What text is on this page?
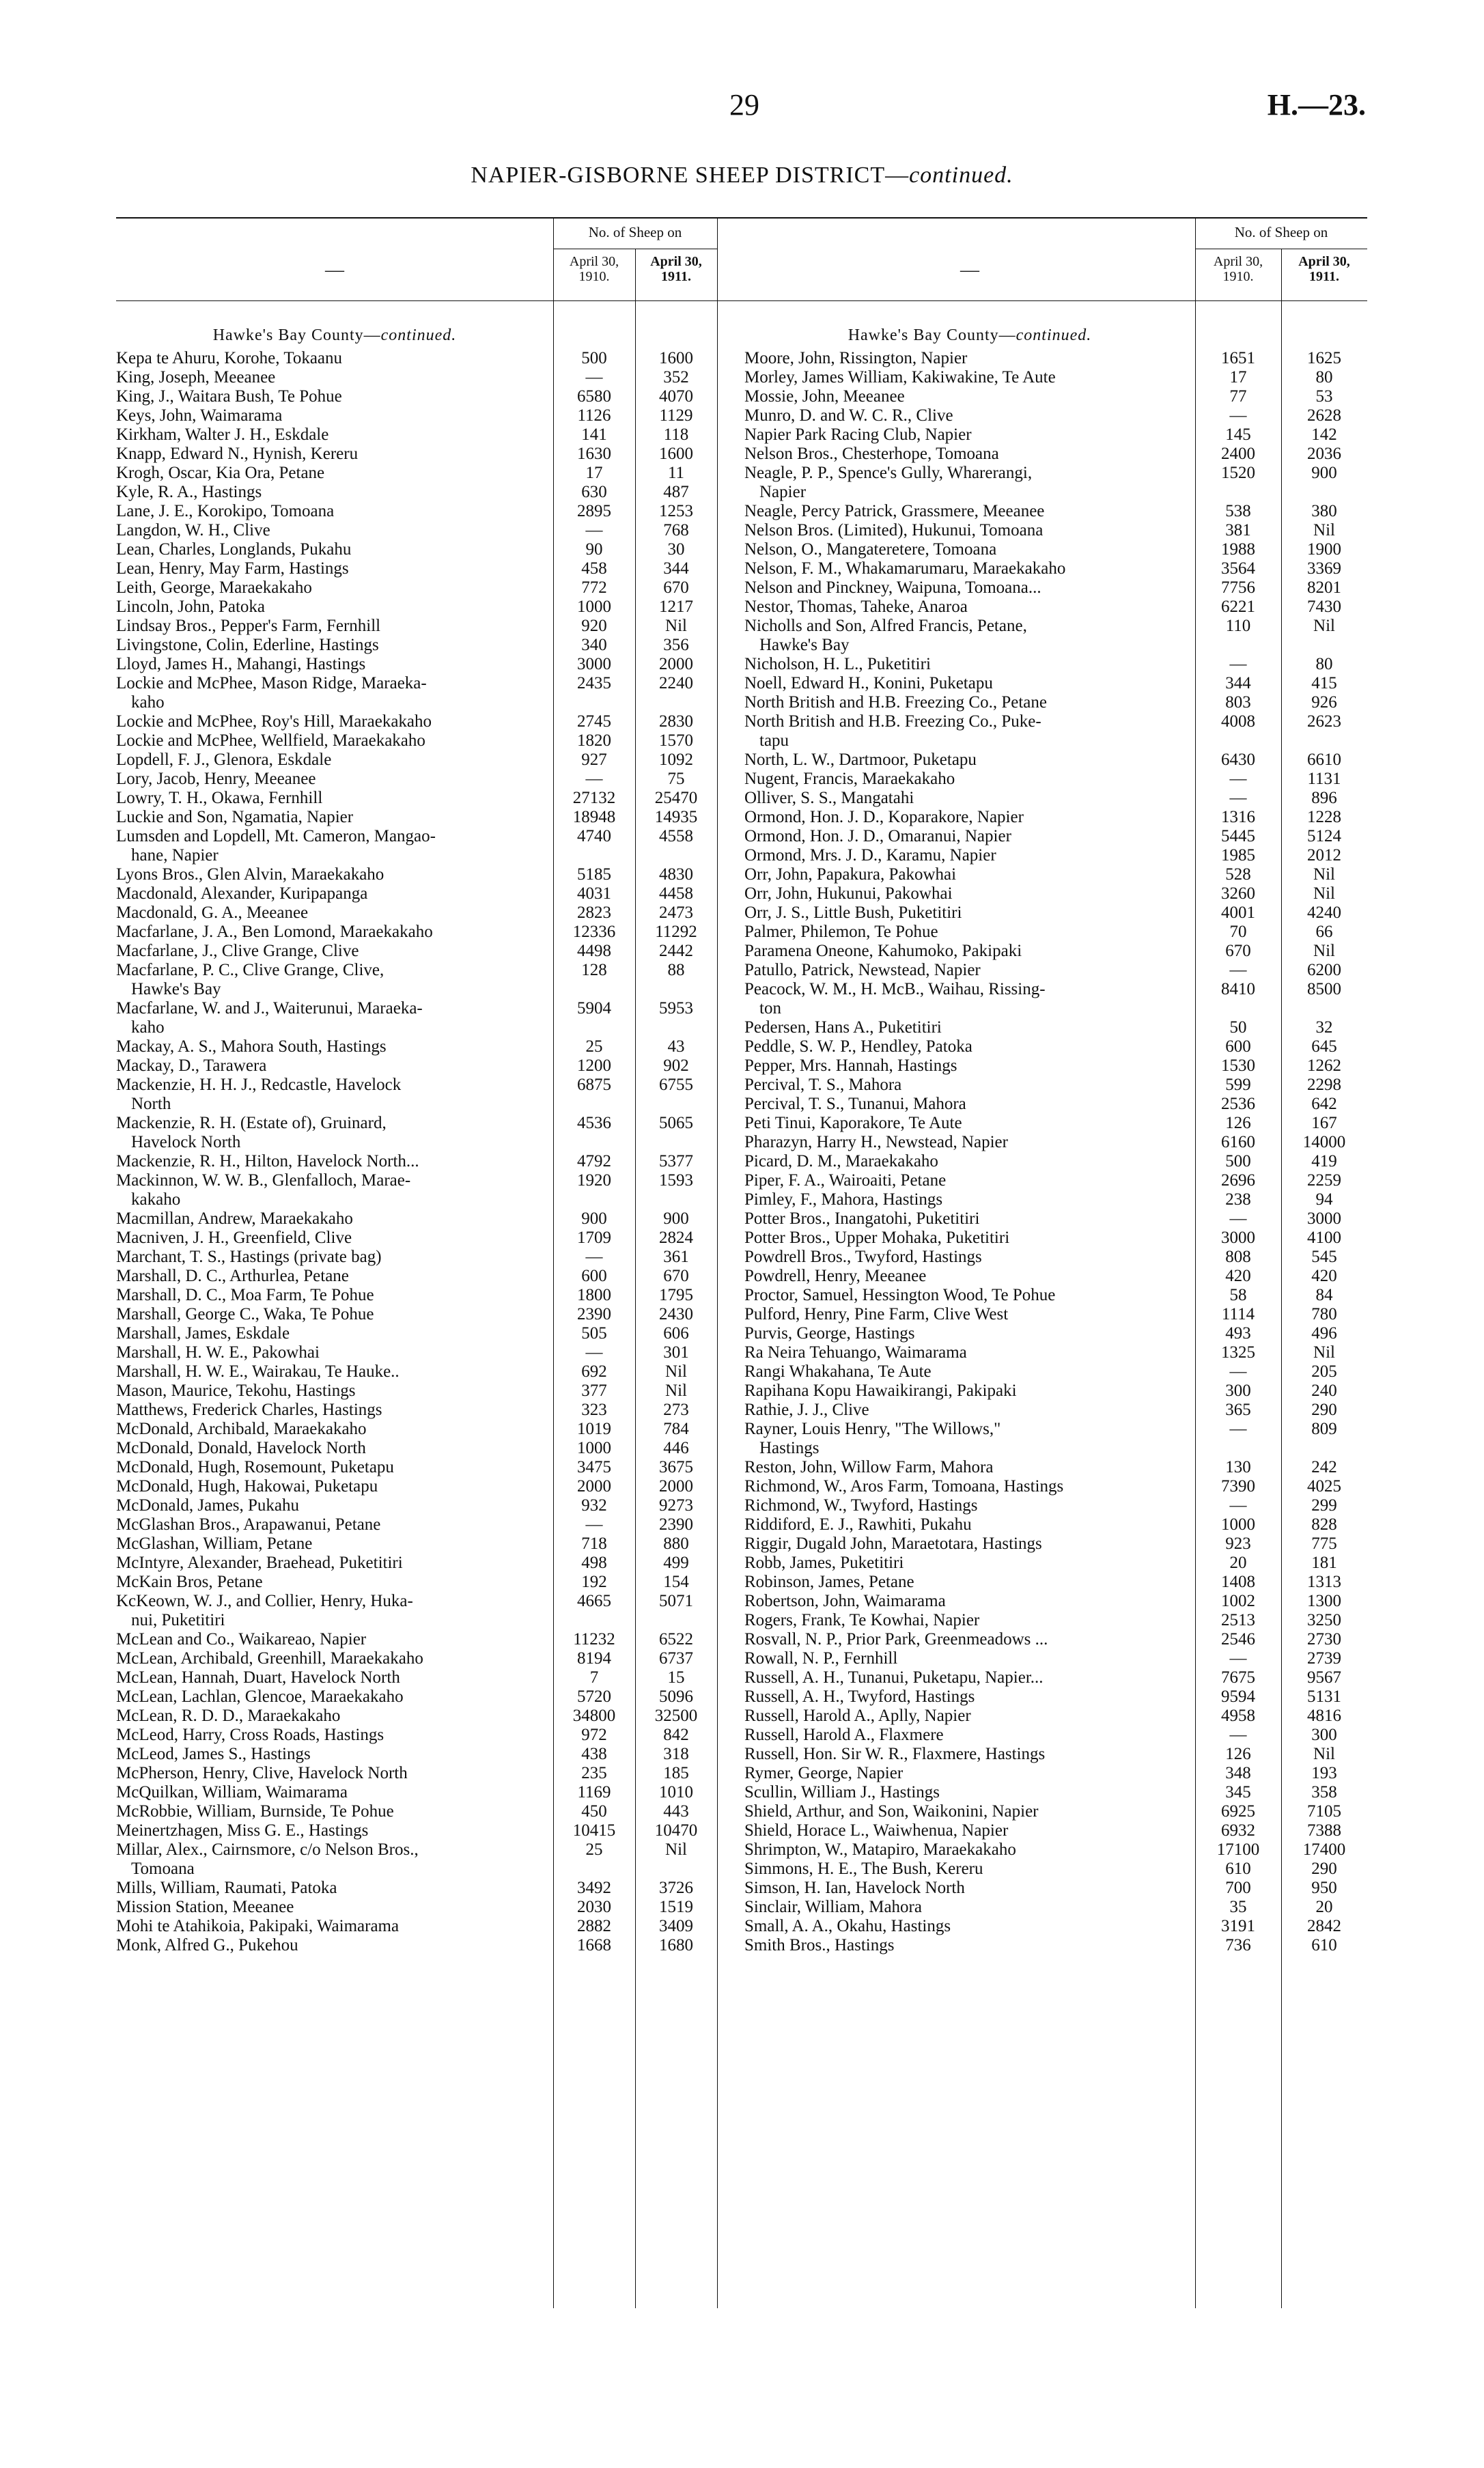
29	H.—23.
NAPIER-GISBORNE SHEEP DISTRICT—continued.
—
No. of Sheep on
April 30,
1910.
April 30,
1911.
Hawke's Bay County—continued.
Kepa te Ahuru, Korohe, Tokaanu	500	1600
King, Joseph, Meeanee	—	352
King, J., Waitara Bush, Te Pohue	6580	4070
Keys, John, Waimarama	1126	1129
Kirkham, Walter J. H., Eskdale	141	118
Knapp, Edward N., Hynish, Kereru	1630	1600
Krogh, Oscar, Kia Ora, Petane	17	11
Kyle, R. A., Hastings	630	487
Lane, J. E., Korokipo, Tomoana	2895	1253
Langdon, W. H., Clive	—	768
Lean, Charles, Longlands, Pukahu	90	30
Lean, Henry, May Farm, Hastings	458	344
Leith, George, Maraekakaho	772	670
Lincoln, John, Patoka	1000	1217
Lindsay Bros., Pepper's Farm, Fernhill	920	Nil
Livingstone, Colin, Ederline, Hastings	340	356
Lloyd, James H., Mahangi, Hastings	3000	2000
Lockie and McPhee, Mason Ridge, Maraeka-
kaho
2435	2240
Lockie and McPhee, Roy's Hill, Maraekakaho	2745	2830
Lockie and McPhee, Wellfield, Maraekakaho	1820	1570
Lopdell, F. J., Glenora, Eskdale	927	1092
Lory, Jacob, Henry, Meeanee	—	75
Lowry, T. H., Okawa, Fernhill	27132	25470
Luckie and Son, Ngamatia, Napier	18948	14935
Lumsden and Lopdell, Mt. Cameron, Mangao-
hane, Napier
4740	4558
Lyons Bros., Glen Alvin, Maraekakaho	5185	4830
Macdonald, Alexander, Kuripapanga	4031	4458
Macdonald, G. A., Meeanee	2823	2473
Macfarlane, J. A., Ben Lomond, Maraekakaho	12336	11292
Macfarlane, J., Clive Grange, Clive	4498	2442
Macfarlane, P. C., Clive Grange, Clive,
Hawke's Bay
128	88
Macfarlane, W. and J., Waiterunui, Maraeka-
kaho
5904	5953
Mackay, A. S., Mahora South, Hastings	25	43
Mackay, D., Tarawera	1200	902
Mackenzie, H. H. J., Redcastle, Havelock
North
6875	6755
Mackenzie, R. H. (Estate of), Gruinard,
Havelock North
4536	5065
Mackenzie, R. H., Hilton, Havelock North...	4792	5377
Mackinnon, W. W. B., Glenfalloch, Marae-
kakaho
1920	1593
Macmillan, Andrew, Maraekakaho	900	900
Macniven, J. H., Greenfield, Clive	1709	2824
Marchant, T. S., Hastings (private bag)	—	361
Marshall, D. C., Arthurlea, Petane	600	670
Marshall, D. C., Moa Farm, Te Pohue	1800	1795
Marshall, George C., Waka, Te Pohue	2390	2430
Marshall, James, Eskdale	505	606
Marshall, H. W. E., Pakowhai	—	301
Marshall, H. W. E., Wairakau, Te Hauke..	692	Nil
Mason, Maurice, Tekohu, Hastings	377	Nil
Matthews, Frederick Charles, Hastings	323	273
McDonald, Archibald, Maraekakaho	1019	784
McDonald, Donald, Havelock North	1000	446
McDonald, Hugh, Rosemount, Puketapu	3475	3675
McDonald, Hugh, Hakowai, Puketapu	2000	2000
McDonald, James, Pukahu	932	9273
McGlashan Bros., Arapawanui, Petane	—	2390
McGlashan, William, Petane	718	880
McIntyre, Alexander, Braehead, Puketitiri	498	499
McKain Bros, Petane	192	154
KcKeown, W. J., and Collier, Henry, Huka-
nui, Puketitiri
4665	5071
McLean and Co., Waikareao, Napier	11232	6522
McLean, Archibald, Greenhill, Maraekakaho	8194	6737
McLean, Hannah, Duart, Havelock North	7	15
McLean, Lachlan, Glencoe, Maraekakaho	5720	5096
McLean, R. D. D., Maraekakaho	34800	32500
McLeod, Harry, Cross Roads, Hastings	972	842
McLeod, James S., Hastings	438	318
McPherson, Henry, Clive, Havelock North	235	185
McQuilkan, William, Waimarama	1169	1010
McRobbie, William, Burnside, Te Pohue	450	443
Meinertzhagen, Miss G. E., Hastings	10415	10470
Millar, Alex., Cairnsmore, c/o Nelson Bros.,
Tomoana
25	Nil
Mills, William, Raumati, Patoka	3492	3726
Mission Station, Meeanee	2030	1519
Mohi te Atahikoia, Pakipaki, Waimarama	2882	3409
Monk, Alfred G., Pukehou	1668	1680
—
No. of Sheep on
April 30,
1910.
April 30,
1911.
Hawke's Bay County—continued.
Moore, John, Rissington, Napier	1651	1625
Morley, James William, Kakiwakine, Te Aute	17	80
Mossie, John, Meeanee	77	53
Munro, D. and W. C. R., Clive	—	2628
Napier Park Racing Club, Napier	145	142
Nelson Bros., Chesterhope, Tomoana	2400	2036
Neagle, P. P., Spence's Gully, Wharerangi,
Napier
1520	900
Neagle, Percy Patrick, Grassmere, Meeanee	538	380
Nelson Bros. (Limited), Hukunui, Tomoana	381	Nil
Nelson, O., Mangateretere, Tomoana	1988	1900
Nelson, F. M., Whakamarumaru, Maraekakaho	3564	3369
Nelson and Pinckney, Waipuna, Tomoana...	7756	8201
Nestor, Thomas, Taheke, Anaroa	6221	7430
Nicholls and Son, Alfred Francis, Petane,
Hawke's Bay
110	Nil
Nicholson, H. L., Puketitiri	—	80
Noell, Edward H., Konini, Puketapu	344	415
North British and H.B. Freezing Co., Petane	803	926
North British and H.B. Freezing Co., Puke-
tapu
4008	2623
North, L. W., Dartmoor, Puketapu	6430	6610
Nugent, Francis, Maraekakaho	—	1131
Olliver, S. S., Mangatahi	—	896
Ormond, Hon. J. D., Koparakore, Napier	1316	1228
Ormond, Hon. J. D., Omaranui, Napier	5445	5124
Ormond, Mrs. J. D., Karamu, Napier	1985	2012
Orr, John, Papakura, Pakowhai	528	Nil
Orr, John, Hukunui, Pakowhai	3260	Nil
Orr, J. S., Little Bush, Puketitiri	4001	4240
Palmer, Philemon, Te Pohue	70	66
Paramena Oneone, Kahumoko, Pakipaki	670	Nil
Patullo, Patrick, Newstead, Napier	—	6200
Peacock, W. M., H. McB., Waihau, Rissing-
ton
8410	8500
Pedersen, Hans A., Puketitiri	50	32
Peddle, S. W. P., Hendley, Patoka	600	645
Pepper, Mrs. Hannah, Hastings	1530	1262
Percival, T. S., Mahora	599	2298
Percival, T. S., Tunanui, Mahora	2536	642
Peti Tinui, Kaporakore, Te Aute	126	167
Pharazyn, Harry H., Newstead, Napier	6160	14000
Picard, D. M., Maraekakaho	500	419
Piper, F. A., Wairoaiti, Petane	2696	2259
Pimley, F., Mahora, Hastings	238	94
Potter Bros., Inangatohi, Puketitiri	—	3000
Potter Bros., Upper Mohaka, Puketitiri	3000	4100
Powdrell Bros., Twyford, Hastings	808	545
Powdrell, Henry, Meeanee	420	420
Proctor, Samuel, Hessington Wood, Te Pohue	58	84
Pulford, Henry, Pine Farm, Clive West	1114	780
Purvis, George, Hastings	493	496
Ra Neira Tehuango, Waimarama	1325	Nil
Rangi Whakahana, Te Aute	—	205
Rapihana Kopu Hawaikirangi, Pakipaki	300	240
Rathie, J. J., Clive	365	290
Rayner, Louis Henry, "The Willows,"
Hastings
—	809
Reston, John, Willow Farm, Mahora	130	242
Richmond, W., Aros Farm, Tomoana, Hastings	7390	4025
Richmond, W., Twyford, Hastings	—	299
Riddiford, E. J., Rawhiti, Pukahu	1000	828
Riggir, Dugald John, Maraetotara, Hastings	923	775
Robb, James, Puketitiri	20	181
Robinson, James, Petane	1408	1313
Robertson, John, Waimarama	1002	1300
Rogers, Frank, Te Kowhai, Napier	2513	3250
Rosvall, N. P., Prior Park, Greenmeadows ...	2546	2730
Rowall, N. P., Fernhill	—	2739
Russell, A. H., Tunanui, Puketapu, Napier...	7675	9567
Russell, A. H., Twyford, Hastings	9594	5131
Russell, Harold A., Aplly, Napier	4958	4816
Russell, Harold A., Flaxmere	—	300
Russell, Hon. Sir W. R., Flaxmere, Hastings	126	Nil
Rymer, George, Napier	348	193
Scullin, William J., Hastings	345	358
Shield, Arthur, and Son, Waikonini, Napier	6925	7105
Shield, Horace L., Waiwhenua, Napier	6932	7388
Shrimpton, W., Matapiro, Maraekakaho	17100	17400
Simmons, H. E., The Bush, Kereru	610	290
Simson, H. Ian, Havelock North	700	950
Sinclair, William, Mahora	35	20
Small, A. A., Okahu, Hastings	3191	2842
Smith Bros., Hastings	736	610
